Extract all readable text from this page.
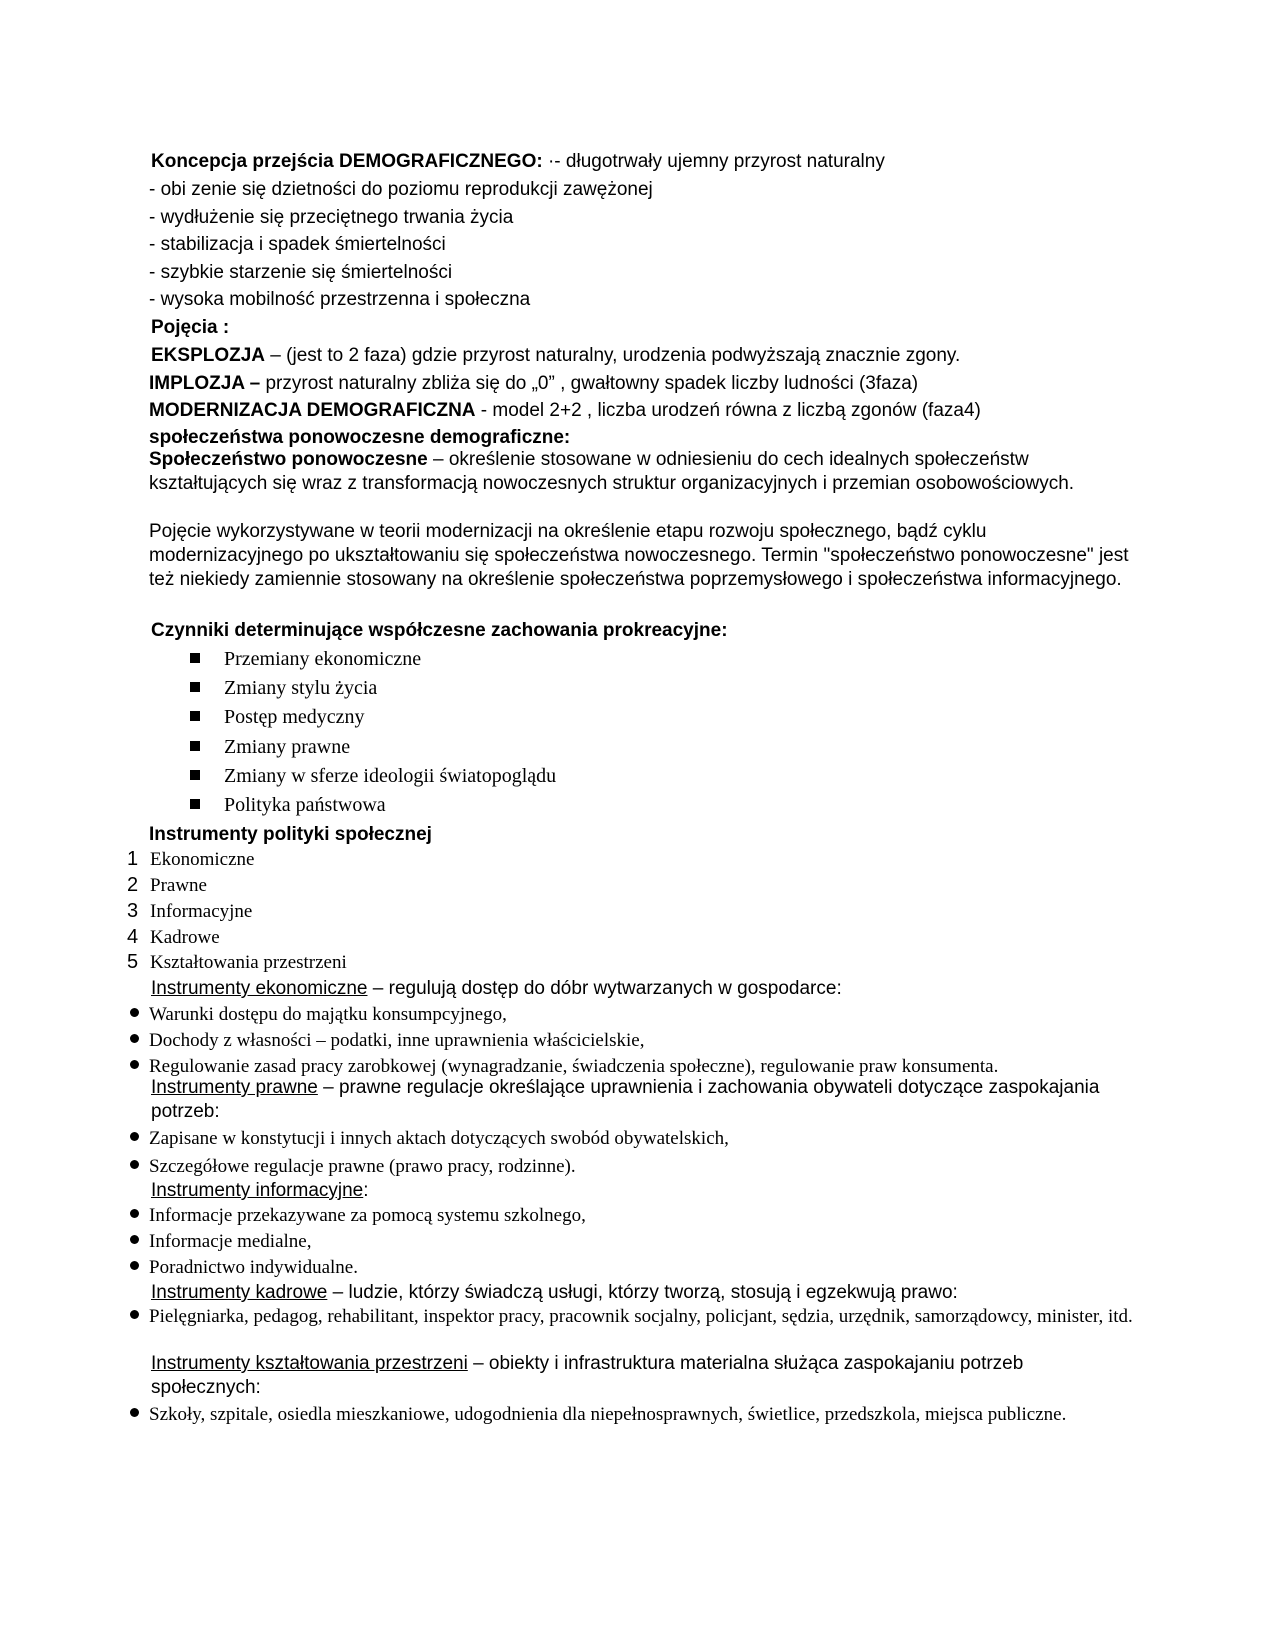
Koncepcja przejścia DEMOGRAFICZNEGO: ·- długotrwały ujemny przyrost naturalny
- obi zenie się dzietności do poziomu reprodukcji zawężonej
- wydłużenie się przeciętnego trwania życia
- stabilizacja i spadek śmiertelności
- szybkie starzenie się śmiertelności
- wysoka mobilność przestrzenna i społeczna
Pojęcia :
EKSPLOZJA – (jest to 2 faza) gdzie przyrost naturalny, urodzenia podwyższają znacznie zgony.
IMPLOZJA – przyrost naturalny zbliża się do „0” , gwałtowny spadek liczby ludności (3faza)
MODERNIZACJA DEMOGRAFICZNA - model 2+2 , liczba urodzeń równa z liczbą zgonów (faza4)
społeczeństwa ponowoczesne demograficzne:
Społeczeństwo ponowoczesne – określenie stosowane w odniesieniu do cech idealnych społeczeństw kształtujących się wraz z transformacją nowoczesnych struktur organizacyjnych i przemian osobowościowych.
Pojęcie wykorzystywane w teorii modernizacji na określenie etapu rozwoju społecznego, bądź cyklu modernizacyjnego po ukształtowaniu się społeczeństwa nowoczesnego. Termin "społeczeństwo ponowoczesne" jest też niekiedy zamiennie stosowany na określenie społeczeństwa poprzemysłowego i społeczeństwa informacyjnego.
Czynniki determinujące współczesne zachowania prokreacyjne:
Przemiany ekonomiczne
Zmiany stylu życia
Postęp medyczny
Zmiany prawne
Zmiany w sferze ideologii światopoglądu
Polityka państwowa
Instrumenty polityki społecznej
1 Ekonomiczne
2 Prawne
3 Informacyjne
4 Kadrowe
5 Kształtowania przestrzeni
Instrumenty ekonomiczne – regulują dostęp do dóbr wytwarzanych w gospodarce:
Warunki dostępu do majątku konsumpcyjnego,
Dochody z własności – podatki, inne uprawnienia właścicielskie,
Regulowanie zasad pracy zarobkowej (wynagradzanie, świadczenia społeczne), regulowanie praw konsumenta.
Instrumenty prawne – prawne regulacje określające uprawnienia i zachowania obywateli dotyczące zaspokajania potrzeb:
Zapisane w konstytucji i innych aktach dotyczących swobód obywatelskich,
Szczegółowe regulacje prawne (prawo pracy, rodzinne).
Instrumenty informacyjne:
Informacje przekazywane za pomocą systemu szkolnego,
Informacje medialne,
Poradnictwo indywidualne.
Instrumenty kadrowe – ludzie, którzy świadczą usługi, którzy tworzą, stosują i egzekwują prawo:
Pielęgniarka, pedagog, rehabilitant, inspektor pracy, pracownik socjalny, policjant, sędzia, urzędnik, samorządowcy, minister, itd.
Instrumenty kształtowania przestrzeni – obiekty i infrastruktura materialna służąca zaspokajaniu potrzeb społecznych:
Szkoły, szpitale, osiedla mieszkaniowe, udogodnienia dla niepełnosprawnych, świetlice, przedszkola, miejsca publiczne.
